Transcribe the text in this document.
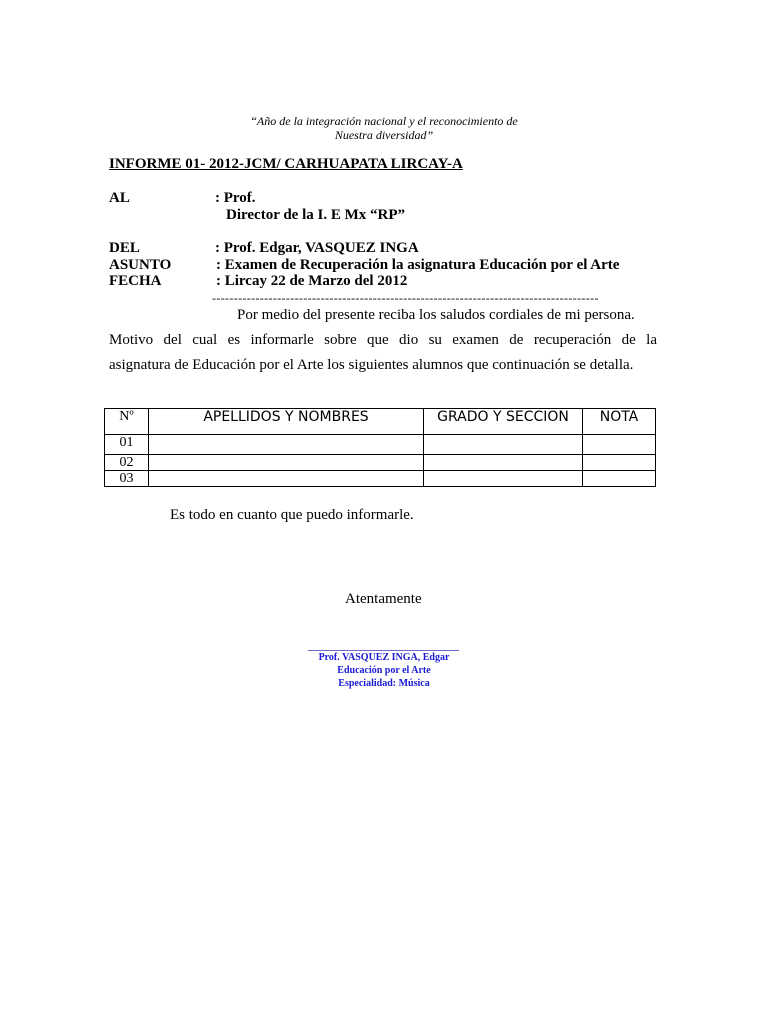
“Año de la integración nacional y el reconocimiento de
Nuestra diversidad”
INFORME 01- 2012-JCM/ CARHUAPATA LIRCAY-A
AL	: Prof.
Director de la I. E Mx “RP”
DEL	: Prof. Edgar, VASQUEZ INGA
ASUNTO	: Examen de Recuperación la asignatura Educación por el Arte
FECHA	: Lircay 22 de Marzo del 2012
-----------------------------------------------------------------------------------------
Por medio del presente reciba los saludos cordiales de mi persona.
Motivo del cual es informarle sobre que dio su examen de recuperación de la
asignatura de Educación por el Arte los siguientes alumnos que continuación se detalla.
Nº	APELLIDOS Y NOMBRES	GRADO Y SECCION	NOTA
01			
02			
03			
Es todo en cuanto que puedo informarle.
Atentamente
Prof. VASQUEZ INGA, Edgar
Educación por el Arte
Especialidad: Música
